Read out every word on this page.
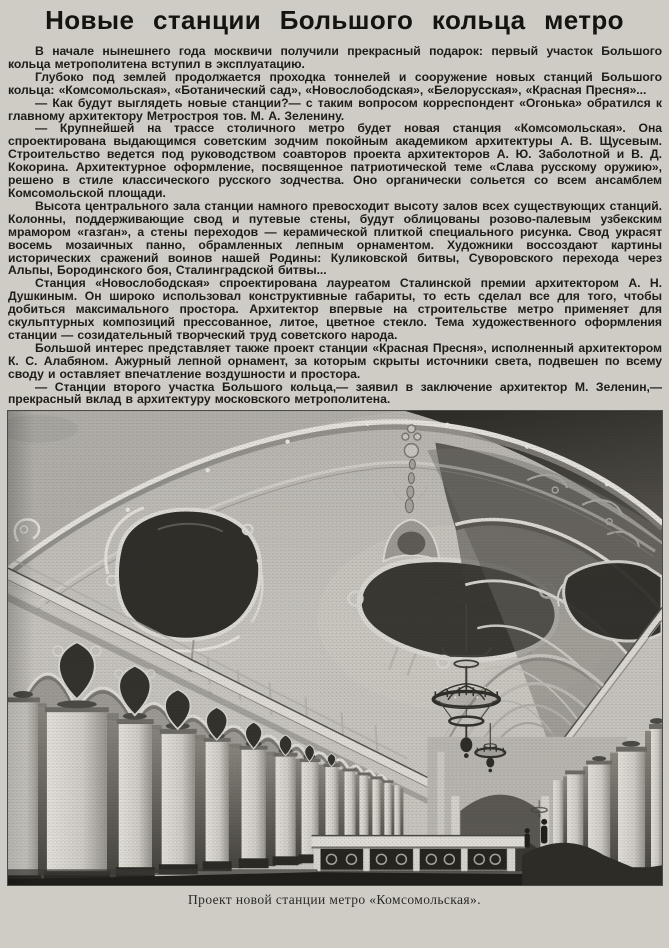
Новые станции Большого кольца метро

В начале нынешнего года москвичи получили прекрасный подарок: первый участок Большого кольца метрополитена вступил в эксплуатацию.

Глубоко под землей продолжается проходка тоннелей и сооружение новых станций Большого кольца: «Комсомольская», «Ботанический сад», «Новослободская», «Белорусская», «Красная Пресня»...

— Как будут выглядеть новые станции?— с таким вопросом корреспондент «Огонька» обратился к главному архитектору Метростроя тов. М. А. Зеленину.

— Крупнейшей на трассе столичного метро будет новая станция «Комсомольская». Она спроектирована выдающимся советским зодчим покойным академиком архитектуры А. В. Щусевым. Строительство ведется под руководством соавторов проекта архитекторов А. Ю. Заболотной и В. Д. Кокорина. Архитектурное оформление, посвященное патриотической теме «Слава русскому оружию», решено в стиле классического русского зодчества. Оно органически сольется со всем ансамблем Комсомольской площади.

Высота центрального зала станции намного превосходит высоту залов всех существующих станций. Колонны, поддерживающие свод и путевые стены, будут облицованы розово-палевым узбекским мрамором «газган», а стены переходов — керамической плиткой специального рисунка. Свод украсят восемь мозаичных панно, обрамленных лепным орнаментом. Художники воссоздают картины исторических сражений воинов нашей Родины: Куликовской битвы, Суворовского перехода через Альпы, Бородинского боя, Сталинградской битвы...

Станция «Новослободская» спроектирована лауреатом Сталинской премии архитектором А. Н. Душкиным. Он широко использовал конструктивные габариты, то есть сделал все для того, чтобы добиться максимального простора. Архитектор впервые на строительстве метро применяет для скульптурных композиций прессованное, литое, цветное стекло. Тема художественного оформления станции — созидательный творческий труд советского народа.

Большой интерес представляет также проект станции «Красная Пресня», исполненный архитектором К. С. Алабяном. Ажурный лепной орнамент, за которым скрыты источники света, подвешен по всему своду и оставляет впечатление воздушности и простора.

— Станции второго участка Большого кольца,— заявил в заключение архитектор М. Зеленин,— прекрасный вклад в архитектуру московского метрополитена.

Проект новой станции метро «Комсомольская».
